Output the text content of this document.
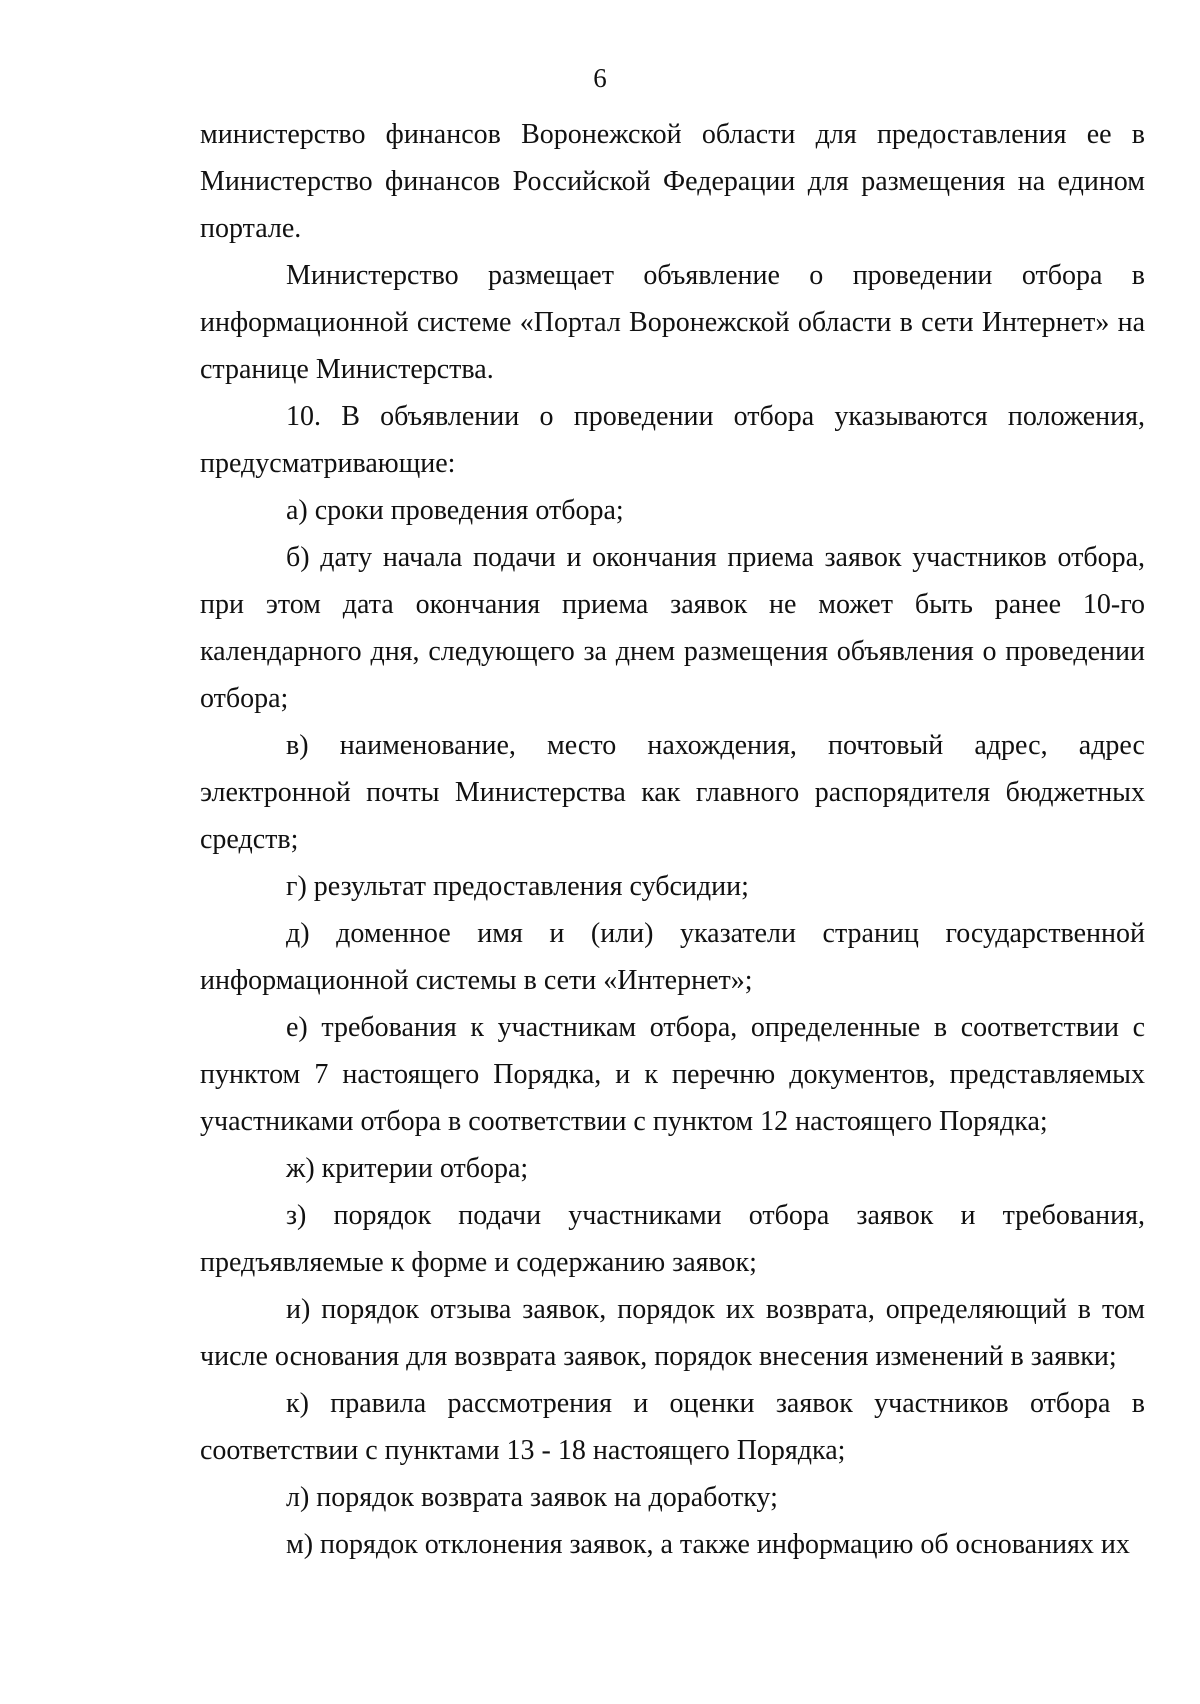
6

министерство финансов Воронежской области для предоставления ее в Министерство финансов Российской Федерации для размещения на едином портале.

Министерство размещает объявление о проведении отбора в информационной системе «Портал Воронежской области в сети Интернет» на странице Министерства.

10. В объявлении о проведении отбора указываются положения, предусматривающие:

а) сроки проведения отбора;

б) дату начала подачи и окончания приема заявок участников отбора, при этом дата окончания приема заявок не может быть ранее 10-го календарного дня, следующего за днем размещения объявления о проведении отбора;

в) наименование, место нахождения, почтовый адрес, адрес электронной почты Министерства как главного распорядителя бюджетных средств;

г) результат предоставления субсидии;

д) доменное имя и (или) указатели страниц государственной информационной системы в сети «Интернет»;

е) требования к участникам отбора, определенные в соответствии с пунктом 7 настоящего Порядка, и к перечню документов, представляемых участниками отбора в соответствии с пунктом 12 настоящего Порядка;

ж) критерии отбора;

з) порядок подачи участниками отбора заявок и требования, предъявляемые к форме и содержанию заявок;

и) порядок отзыва заявок, порядок их возврата, определяющий в том числе основания для возврата заявок, порядок внесения изменений в заявки;

к) правила рассмотрения и оценки заявок участников отбора в соответствии с пунктами 13 - 18 настоящего Порядка;

л) порядок возврата заявок на доработку;

м) порядок отклонения заявок, а также информацию об основаниях их
